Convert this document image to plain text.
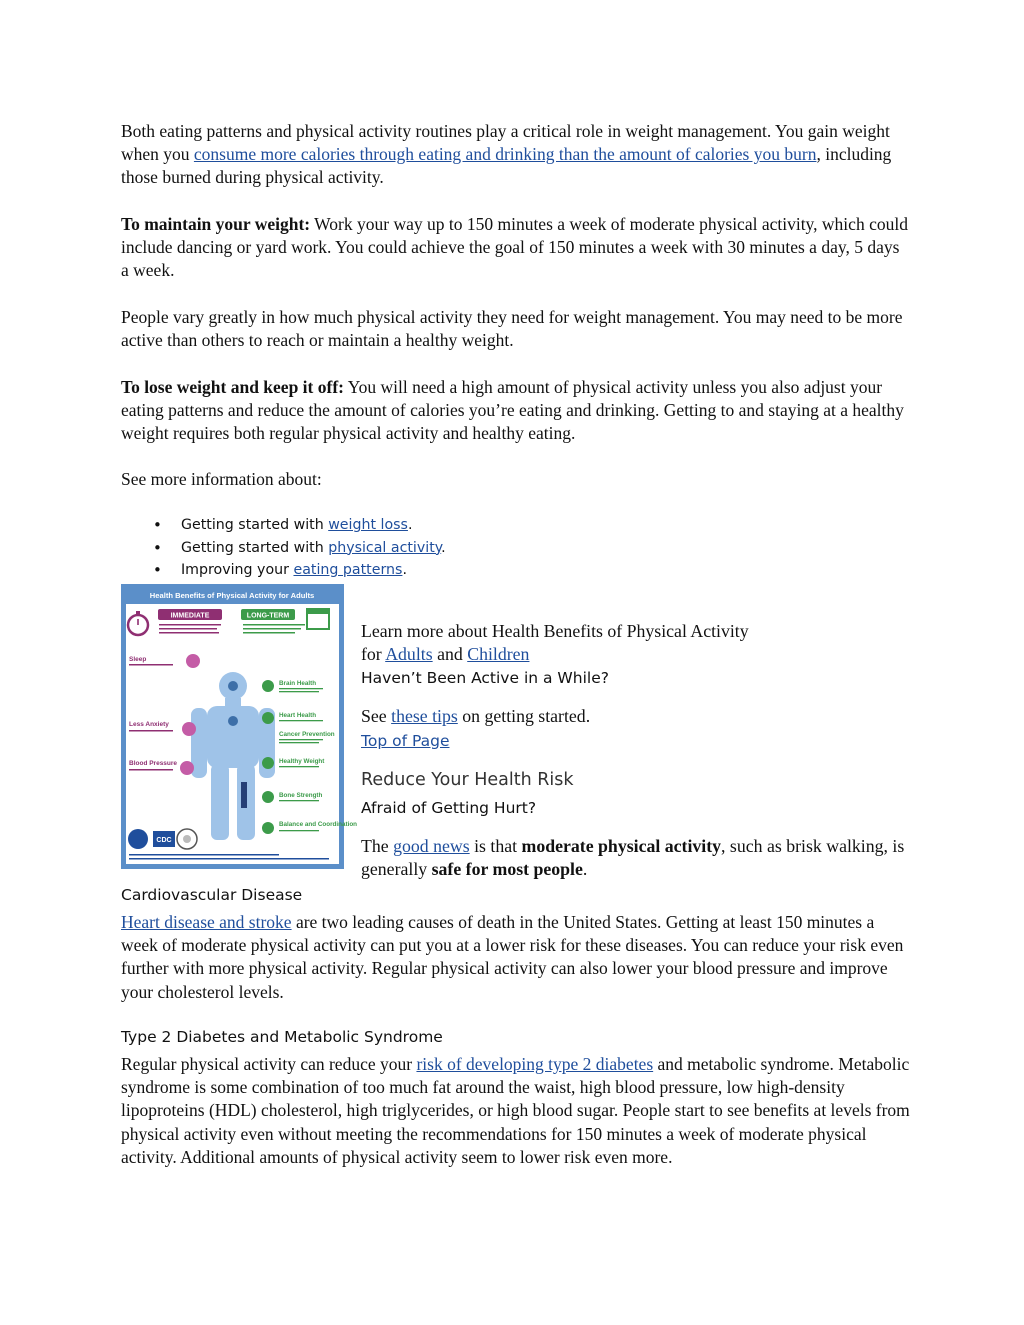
Both eating patterns and physical activity routines play a critical role in weight management. You gain weight when you consume more calories through eating and drinking than the amount of calories you burn, including those burned during physical activity.

To maintain your weight: Work your way up to 150 minutes a week of moderate physical activity, which could include dancing or yard work. You could achieve the goal of 150 minutes a week with 30 minutes a day, 5 days a week.

People vary greatly in how much physical activity they need for weight management. You may need to be more active than others to reach or maintain a healthy weight.

To lose weight and keep it off: You will need a high amount of physical activity unless you also adjust your eating patterns and reduce the amount of calories you’re eating and drinking. Getting to and staying at a healthy weight requires both regular physical activity and healthy eating.

See more information about:

• Getting started with weight loss.
• Getting started with physical activity.
• Improving your eating patterns.
Health Benefits of Physical Activity for Adults
IMMEDIATE	LONG-TERM
Sleep
Less Anxiety
Blood Pressure
Brain Health
Heart Health
Cancer Prevention
Healthy Weight
Bone Strength
Balance and Coordination
CDC

Learn more about Health Benefits of Physical Activity

for Adults and Children

Haven’t Been Active in a While?

See these tips on getting started.

Top of Page

Reduce Your Health Risk

Afraid of Getting Hurt?

The good news is that moderate physical activity, such as brisk walking, is generally safe for most people.

Cardiovascular Disease

Heart disease and stroke are two leading causes of death in the United States. Getting at least 150 minutes a week of moderate physical activity can put you at a lower risk for these diseases. You can reduce your risk even further with more physical activity. Regular physical activity can also lower your blood pressure and improve your cholesterol levels.

Type 2 Diabetes and Metabolic Syndrome

Regular physical activity can reduce your risk of developing type 2 diabetes and metabolic syndrome. Metabolic syndrome is some combination of too much fat around the waist, high blood pressure, low high-density lipoproteins (HDL) cholesterol, high triglycerides, or high blood sugar. People start to see benefits at levels from physical activity even without meeting the recommendations for 150 minutes a week of moderate physical activity. Additional amounts of physical activity seem to lower risk even more.
